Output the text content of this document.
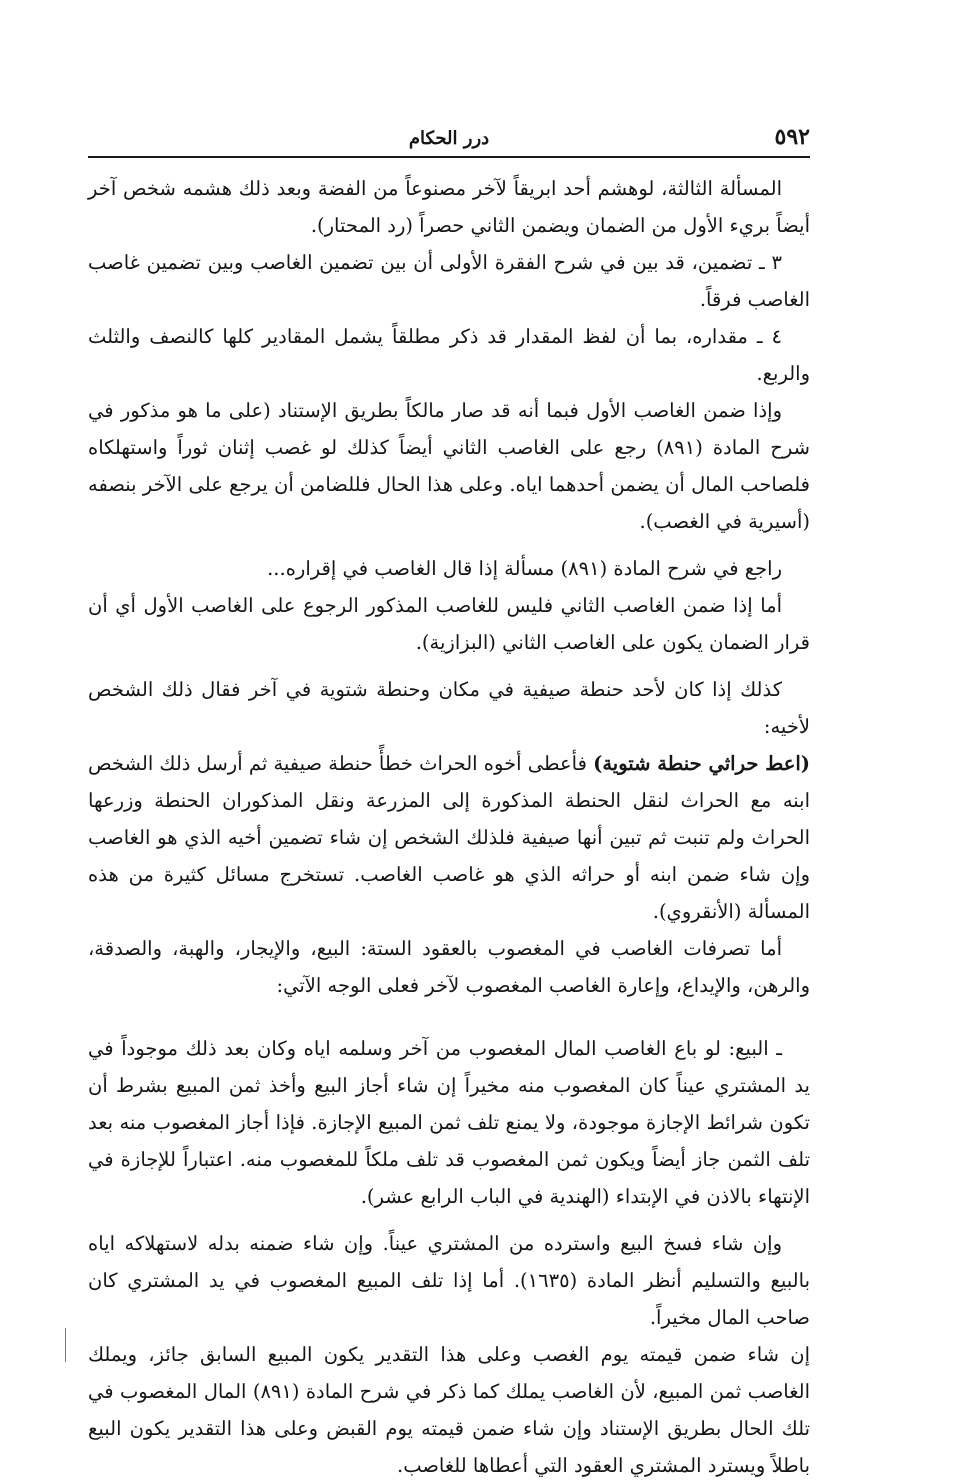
٥٩٢
درر الحكام

المسألة الثالثة، لوهشم أحد ابريقاً لآخر مصنوعاً من الفضة وبعد ذلك هشمه شخص آخر أيضاً بريء الأول من الضمان ويضمن الثاني حصراً (رد المحتار).

٣ ـ تضمين، قد بين في شرح الفقرة الأولى أن بين تضمين الغاصب وبين تضمين غاصب الغاصب فرقاً.

٤ ـ مقداره، بما أن لفظ المقدار قد ذكر مطلقاً يشمل المقادير كلها كالنصف والثلث والربع.

وإذا ضمن الغاصب الأول فبما أنه قد صار مالكاً بطريق الإستناد (على ما هو مذكور في شرح المادة (٨٩١) رجع على الغاصب الثاني أيضاً كذلك لو غصب إثنان ثوراً واستهلكاه فلصاحب المال أن يضمن أحدهما اياه. وعلى هذا الحال فللضامن أن يرجع على الآخر بنصفه (أسيرية في الغصب).

راجع في شرح المادة (٨٩١) مسألة إذا قال الغاصب في إقراره...

أما إذا ضمن الغاصب الثاني فليس للغاصب المذكور الرجوع على الغاصب الأول أي أن قرار الضمان يكون على الغاصب الثاني (البزازية).

كذلك إذا كان لأحد حنطة صيفية في مكان وحنطة شتوية في آخر فقال ذلك الشخص لأخيه:
(اعط حراثي حنطة شتوية) فأعطى أخوه الحراث خطأً حنطة صيفية ثم أرسل ذلك الشخص ابنه مع الحراث لنقل الحنطة المذكورة إلى المزرعة ونقل المذكوران الحنطة وزرعها الحراث ولم تنبت ثم تبين أنها صيفية فلذلك الشخص إن شاء تضمين أخيه الذي هو الغاصب وإن شاء ضمن ابنه أو حراثه الذي هو غاصب الغاصب. تستخرج مسائل كثيرة من هذه المسألة (الأنقروي).

أما تصرفات الغاصب في المغصوب بالعقود الستة: البيع، والإيجار، والهبة، والصدقة، والرهن، والإيداع، وإعارة الغاصب المغصوب لآخر فعلى الوجه الآتي:

ـ البيع: لو باع الغاصب المال المغصوب من آخر وسلمه اياه وكان بعد ذلك موجوداً في يد المشتري عيناً كان المغصوب منه مخيراً إن شاء أجاز البيع وأخذ ثمن المبيع بشرط أن تكون شرائط الإجازة موجودة، ولا يمنع تلف ثمن المبيع الإجازة. فإذا أجاز المغصوب منه بعد تلف الثمن جاز أيضاً ويكون ثمن المغصوب قد تلف ملكاً للمغصوب منه. اعتباراً للإجازة في الإنتهاء بالاذن في الإبتداء (الهندية في الباب الرابع عشر).

وإن شاء فسخ البيع واسترده من المشتري عيناً. وإن شاء ضمنه بدله لاستهلاكه اياه بالبيع والتسليم أنظر المادة (١٦٣٥). أما إذا تلف المبيع المغصوب في يد المشتري كان صاحب المال مخيراً.

إن شاء ضمن قيمته يوم الغصب وعلى هذا التقدير يكون المبيع السابق جائز، ويملك الغاصب ثمن المبيع، لأن الغاصب يملك كما ذكر في شرح المادة (٨٩١) المال المغصوب في تلك الحال بطريق الإستناد وإن شاء ضمن قيمته يوم القبض وعلى هذا التقدير يكون البيع باطلاً ويسترد المشتري العقود التي أعطاها للغاصب.
